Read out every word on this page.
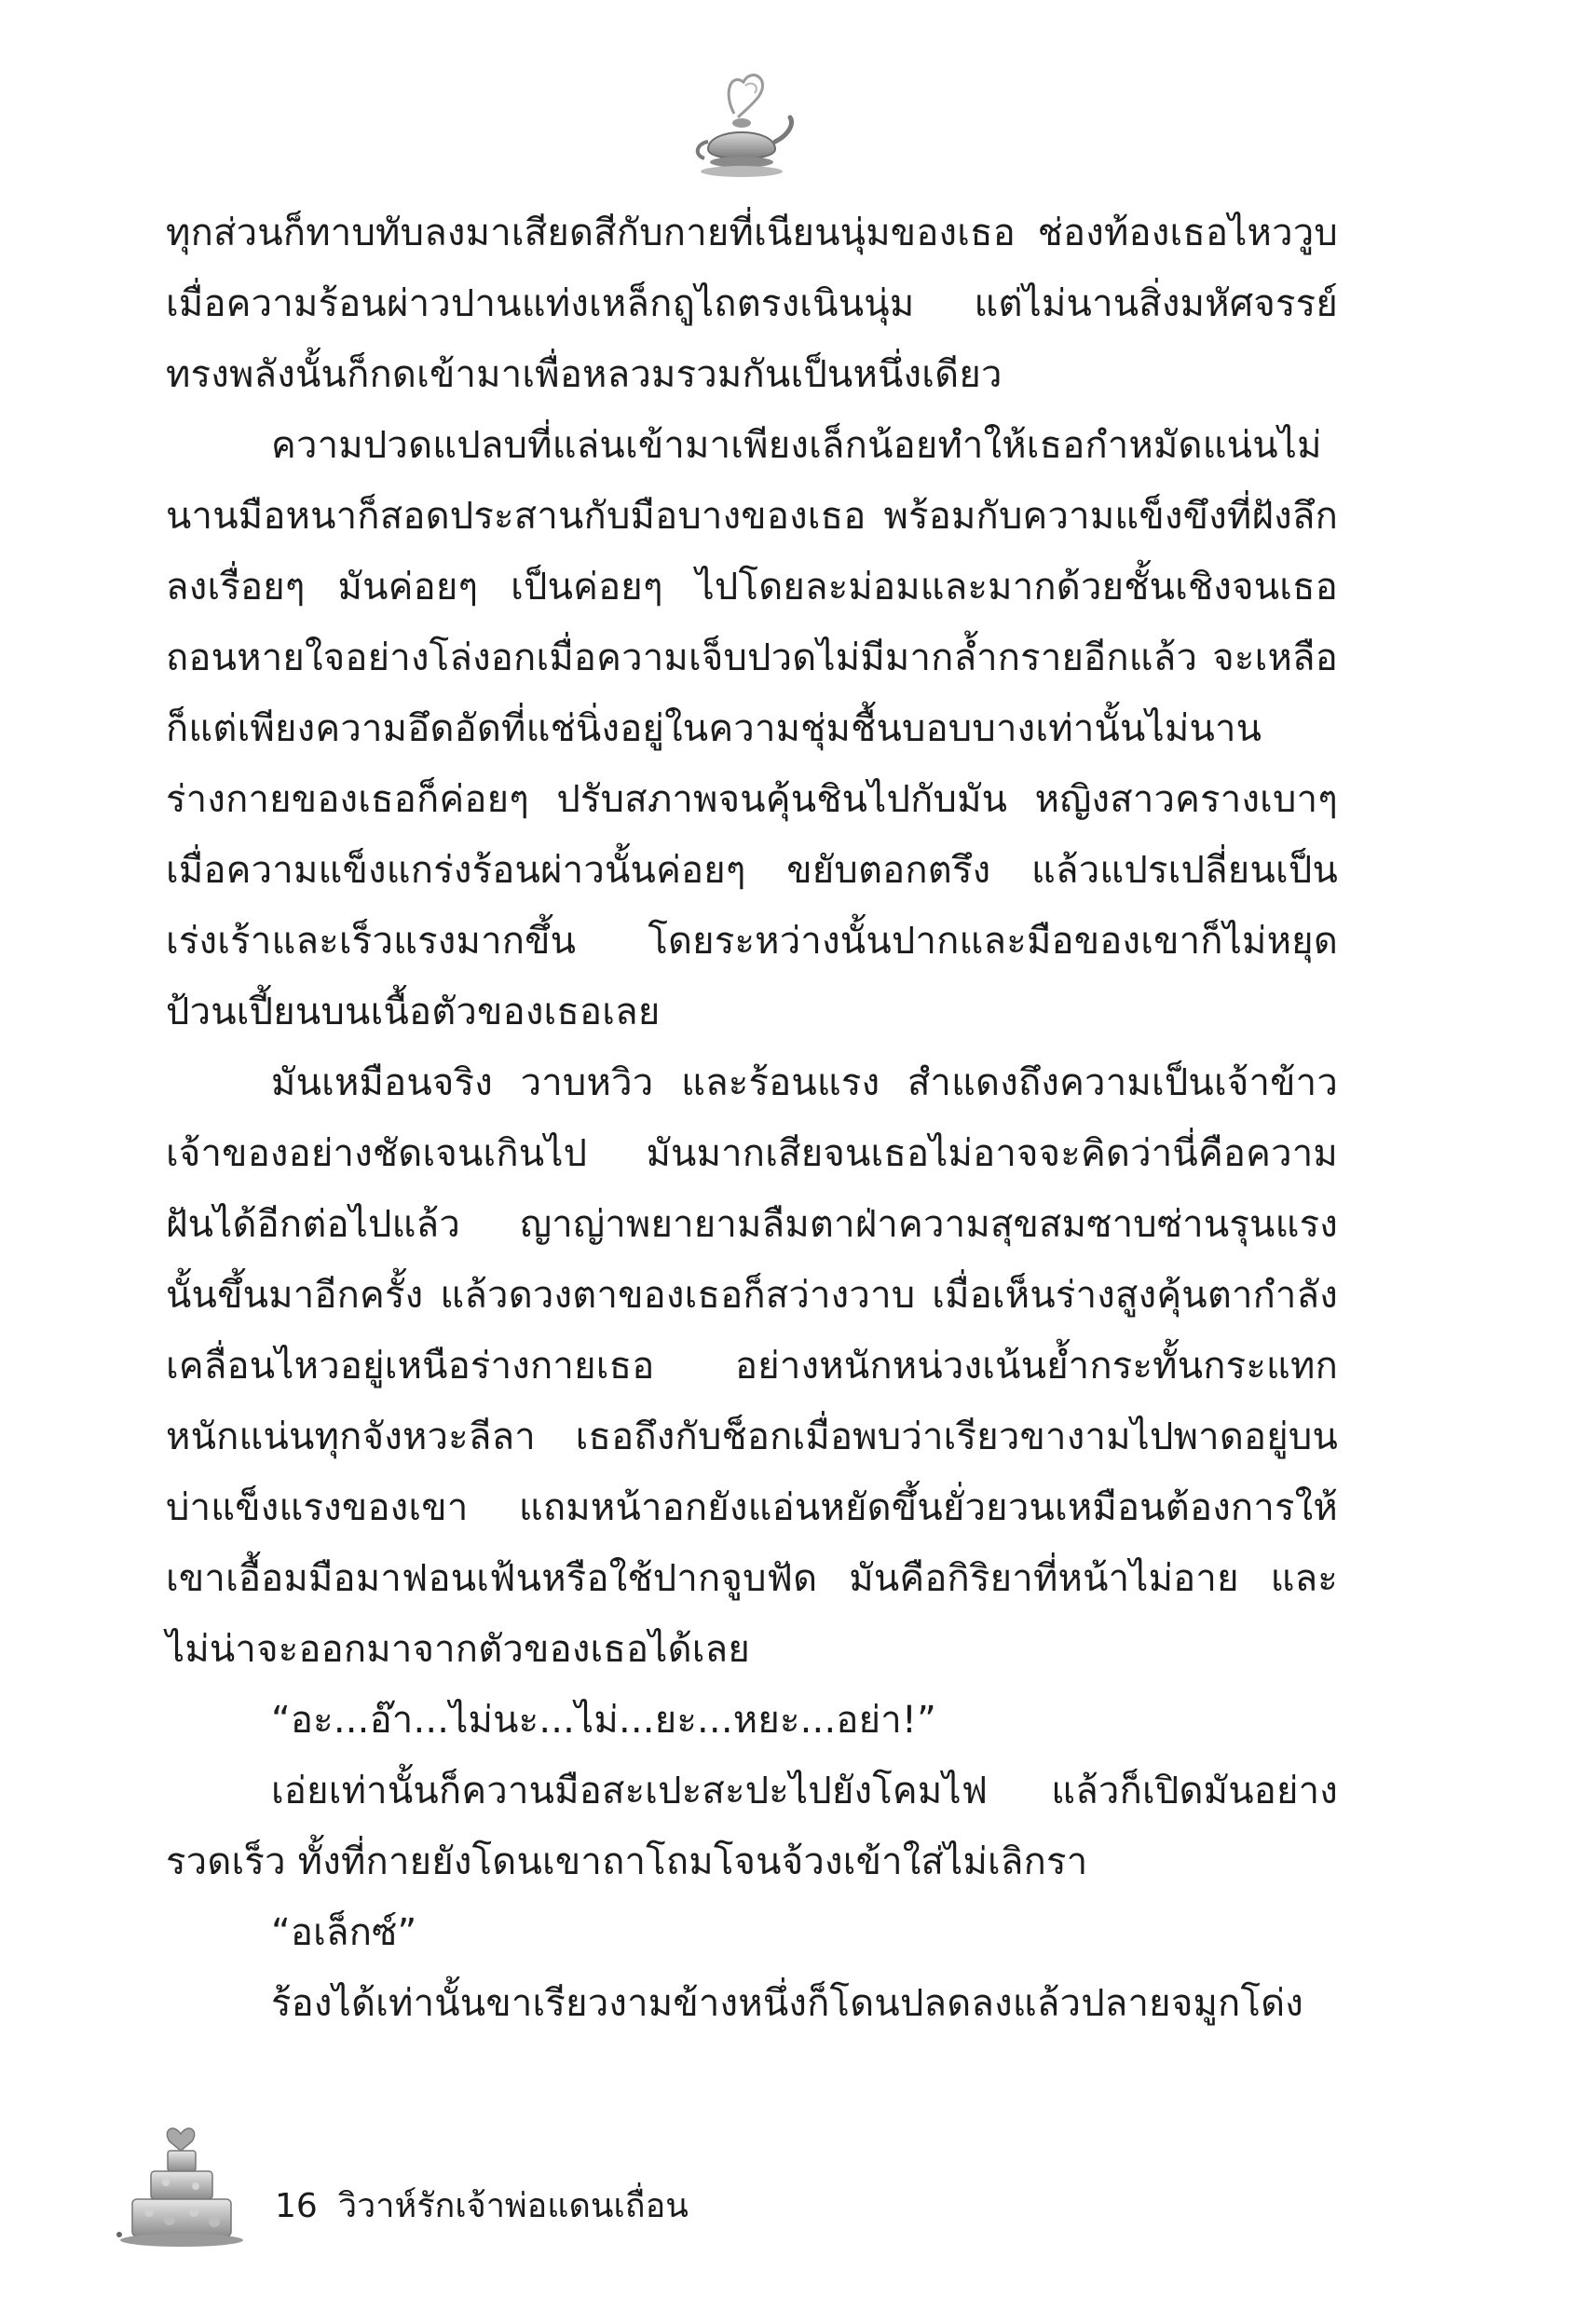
ทุกส่วนก็ทาบทับลงมาเสียดสีกับกายที่เนียนนุ่มของเธอ ช่องท้องเธอไหววูบเมื่อความร้อนผ่าวปานแท่งเหล็กฤูไถตรงเนินนุ่ม แต่ไม่นานสิ่งมหัศจรรย์ทรงพลังนั้นก็กดเข้ามาเพื่อหลวมรวมกันเป็นหนึ่งเดียว

ความปวดแปลบที่แล่นเข้ามาเพียงเล็กน้อยทำให้เธอกำหมัดแน่นไม่นานมือหนาก็สอดประสานกับมือบางของเธอ พร้อมกับความแข็งขึงที่ฝังลึกลงเรื่อยๆ มันค่อยๆ เป็นค่อยๆ ไปโดยละม่อมและมากด้วยชั้นเชิงจนเธอถอนหายใจอย่างโล่งอกเมื่อความเจ็บปวดไม่มีมากล้ำกรายอีกแล้ว จะเหลือก็แต่เพียงความอึดอัดที่แช่นิ่งอยู่ในความชุ่มชื้นบอบบางเท่านั้นไม่นานร่างกายของเธอก็ค่อยๆ ปรับสภาพจนคุ้นชินไปกับมัน หญิงสาวครางเบาๆ เมื่อความแข็งแกร่งร้อนผ่าวนั้นค่อยๆ ขยับตอกตรึง แล้วแปรเปลี่ยนเป็นเร่งเร้าและเร็วแรงมากขึ้น โดยระหว่างนั้นปากและมือของเขาก็ไม่หยุดป้วนเปี้ยนบนเนื้อตัวของเธอเลย

มันเหมือนจริง วาบหวิว และร้อนแรง สำแดงถึงความเป็นเจ้าข้าวเจ้าของอย่างชัดเจนเกินไป มันมากเสียจนเธอไม่อาจจะคิดว่านี่คือความฝันได้อีกต่อไปแล้ว ญาญ่าพยายามลืมตาฝ่าความสุขสมซาบซ่านรุนแรงนั้นขึ้นมาอีกครั้ง แล้วดวงตาของเธอก็สว่างวาบ เมื่อเห็นร่างสูงคุ้นตากำลังเคลื่อนไหวอยู่เหนือร่างกายเธอ อย่างหนักหน่วงเน้นย้ำกระทั้นกระแทกหนักแน่นทุกจังหวะลีลา เธอถึงกับช็อกเมื่อพบว่าเรียวขางามไปพาดอยู่บนบ่าแข็งแรงของเขา แถมหน้าอกยังแอ่นหยัดขึ้นยั่วยวนเหมือนต้องการให้เขาเอื้อมมือมาฟอนเฟ้นหรือใช้ปากจูบฟัด มันคือกิริยาที่หน้าไม่อาย และไม่น่าจะออกมาจากตัวของเธอได้เลย

“อะ...อ๊า...ไม่นะ...ไม่...ยะ...หยะ...อย่า!”

เอ่ยเท่านั้นก็ควานมือสะเปะสะปะไปยังโคมไฟ แล้วก็เปิดมันอย่างรวดเร็ว ทั้งที่กายยังโดนเขาถาโถมโจนจ้วงเข้าใส่ไม่เลิกรา

“อเล็กซ์”

ร้องได้เท่านั้นขาเรียวงามข้างหนึ่งก็โดนปลดลงแล้วปลายจมูกโด่ง

16 วิวาห์รักเจ้าพ่อแดนเถื่อน
